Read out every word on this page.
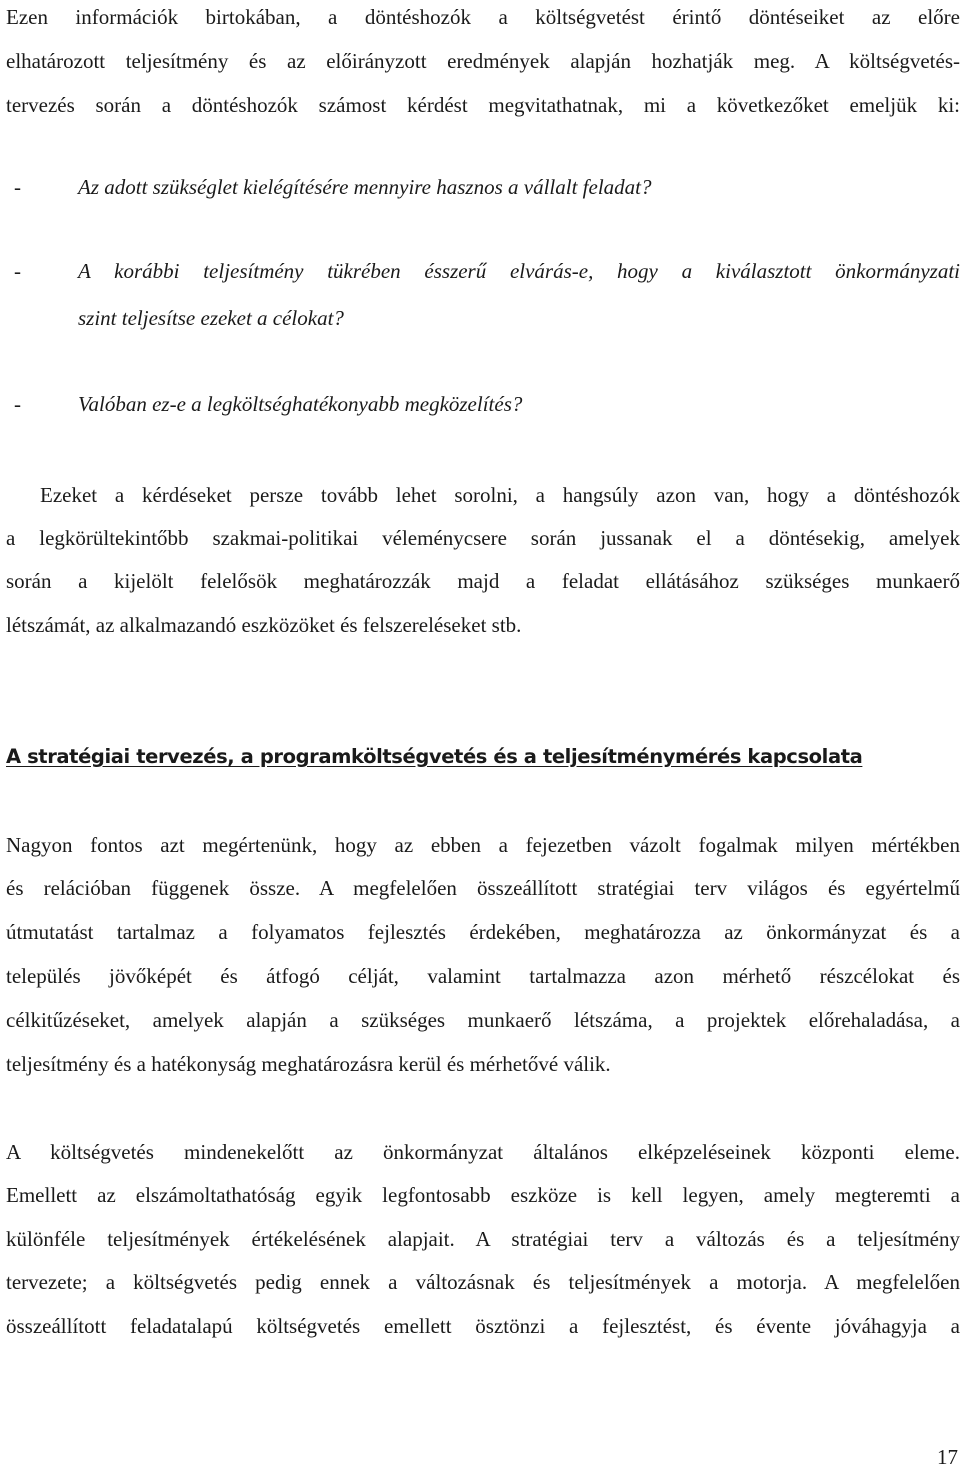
Ezen információk birtokában, a döntéshozók a költségvetést érintő döntéseiket az előre
elhatározott teljesítmény és az előirányzott eredmények alapján hozhatják meg. A költségvetés-
tervezés során a döntéshozók számost kérdést megvitathatnak, mi a következőket emeljük ki:
-	Az adott szükséglet kielégítésére mennyire hasznos a vállalt feladat?
-	A korábbi teljesítmény tükrében ésszerű elvárás-e, hogy a kiválasztott önkormányzati
szint teljesítse ezeket a célokat?
-	Valóban ez-e a legköltséghatékonyabb megközelítés?
Ezeket a kérdéseket persze tovább lehet sorolni, a hangsúly azon van, hogy a döntéshozók
a legkörültekintőbb szakmai-politikai véleménycsere során jussanak el a döntésekig, amelyek
során a kijelölt felelősök meghatározzák majd a feladat ellátásához szükséges munkaerő
létszámát, az alkalmazandó eszközöket és felszereléseket stb.
A stratégiai tervezés, a programköltségvetés és a teljesítménymérés kapcsolata
Nagyon fontos azt megértenünk, hogy az ebben a fejezetben vázolt fogalmak milyen mértékben
és relációban függenek össze. A megfelelően összeállított stratégiai terv világos és egyértelmű
útmutatást tartalmaz a folyamatos fejlesztés érdekében, meghatározza az önkormányzat és a
település jövőképét és átfogó célját, valamint tartalmazza azon mérhető részcélokat és
célkitűzéseket, amelyek alapján a szükséges munkaerő létszáma, a projektek előrehaladása, a
teljesítmény és a hatékonyság meghatározásra kerül és mérhetővé válik.
A költségvetés mindenekelőtt az önkormányzat általános elképzeléseinek központi eleme.
Emellett az elszámoltathatóság egyik legfontosabb eszköze is kell legyen, amely megteremti a
különféle teljesítmények értékelésének alapjait. A stratégiai terv a változás és a teljesítmény
tervezete; a költségvetés pedig ennek a változásnak és teljesítmények a motorja. A megfelelően
összeállított feladatalapú költségvetés emellett ösztönzi a fejlesztést, és évente jóváhagyja a
17
